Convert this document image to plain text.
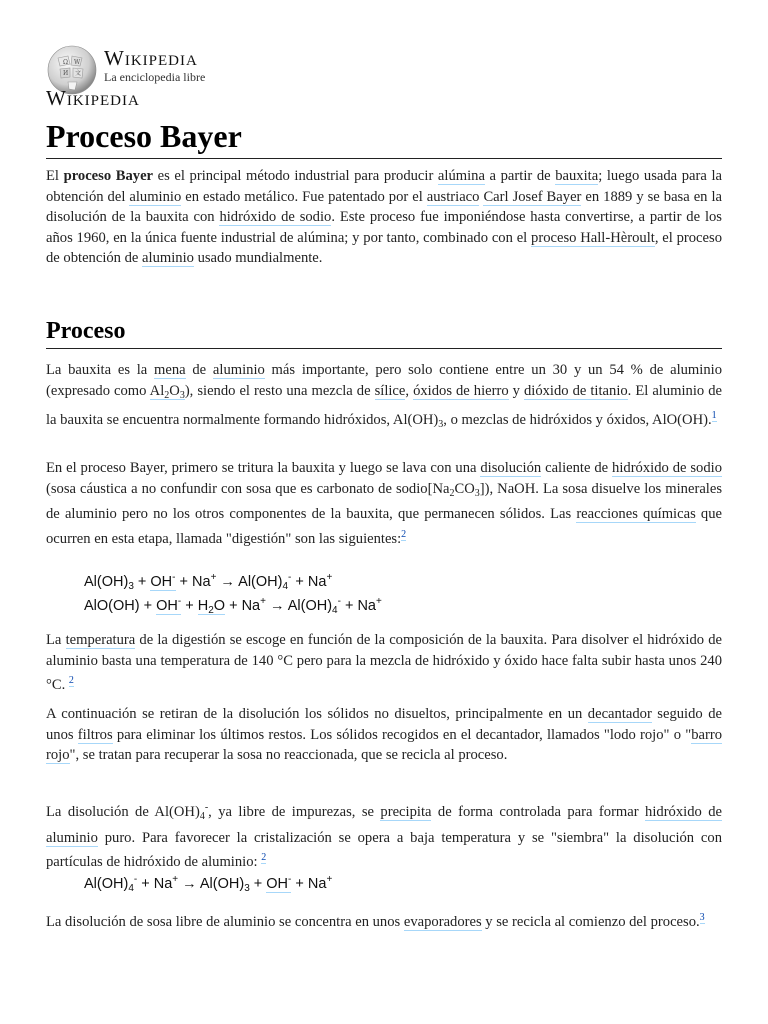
Ω W
И 文
Wikipedia
La enciclopedia libre
Wikipedia
Proceso Bayer

El proceso Bayer es el principal método industrial para producir alúmina a partir de bauxita; luego usada para la obtención del aluminio en estado metálico. Fue patentado por el austriaco Carl Josef Bayer en 1889 y se basa en la disolución de la bauxita con hidróxido de sodio. Este proceso fue imponiéndose hasta convertirse, a partir de los años 1960, en la única fuente industrial de alúmina; y por tanto, combinado con el proceso Hall-Hèroult, el proceso de obtención de aluminio usado mundialmente.

Proceso

La bauxita es la mena de aluminio más importante, pero solo contiene entre un 30 y un 54 % de aluminio (expresado como $Al_2O_3$), siendo el resto una mezcla de sílice, óxidos de hierro y dióxido de titanio. El aluminio de la bauxita se encuentra normalmente formando hidróxidos, $Al(OH)_3$, o mezclas de hidróxidos y óxidos, AlO(OH).$^1$

En el proceso Bayer, primero se tritura la bauxita y luego se lava con una disolución caliente de hidróxido de sodio (sosa cáustica a no confundir con sosa que es carbonato de $sodio[Na_2CO_3]$), NaOH. La sosa disuelve los minerales de aluminio pero no los otros componentes de la bauxita, que permanecen sólidos. Las reacciones químicas que ocurren en esta etapa, llamada "digestión" son las siguientes:$^2$

$Al(OH)_3 + OH^- + Na^+ \to Al(OH)_4^- + Na^+$
$AlO(OH) + OH^- + H_2O + Na^+ \to Al(OH)_4^- + Na^+$

La temperatura de la digestión se escoge en función de la composición de la bauxita. Para disolver el hidróxido de aluminio basta una temperatura de 140 °C pero para la mezcla de hidróxido y óxido hace falta subir hasta unos 240 °C. $^2$

A continuación se retiran de la disolución los sólidos no disueltos, principalmente en un decantador seguido de unos filtros para eliminar los últimos restos. Los sólidos recogidos en el decantador, llamados "lodo rojo" o "barro rojo", se tratan para recuperar la sosa no reaccionada, que se recicla al proceso.

La disolución de $Al(OH)_4^-$, ya libre de impurezas, se precipita de forma controlada para formar hidróxido de aluminio puro. Para favorecer la cristalización se opera a baja temperatura y se "siembra" la disolución con partículas de hidróxido de aluminio: $^2$

$Al(OH)_4^- + Na^+ \to Al(OH)_3 + OH^- + Na^+$

La disolución de sosa libre de aluminio se concentra en unos evaporadores y se recicla al comienzo del proceso.$^3$
